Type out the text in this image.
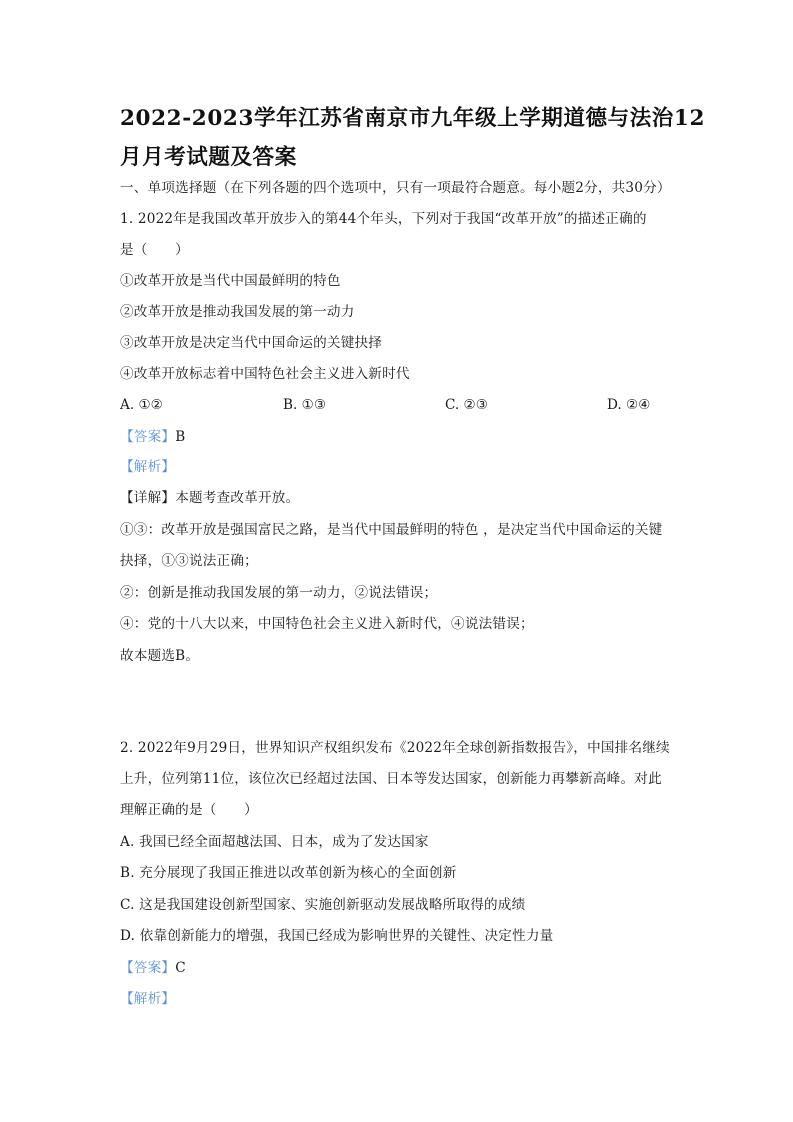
2022-2023学年江苏省南京市九年级上学期道德与法治12
月月考试题及答案
一、单项选择题（在下列各题的四个选项中，只有一项最符合题意。每小题2分，共30分）
1. 2022年是我国改革开放步入的第44个年头，下列对于我国“改革开放”的描述正确的
是（　　）
①改革开放是当代中国最鲜明的特色
②改革开放是推动我国发展的第一动力
③改革开放是决定当代中国命运的关键抉择
④改革开放标志着中国特色社会主义进入新时代
A. ①②	B. ①③	C. ②③	D. ②④
【答案】B
【解析】
【详解】本题考查改革开放。
①③：改革开放是强国富民之路，是当代中国最鲜明的特色 ，是决定当代中国命运的关键
抉择，①③说法正确；
②：创新是推动我国发展的第一动力，②说法错误；
④：党的十八大以来，中国特色社会主义进入新时代，④说法错误；
故本题选B。
2. 2022年9月29日，世界知识产权组织发布《2022年全球创新指数报告》，中国排名继续
上升，位列第11位，该位次已经超过法国、日本等发达国家，创新能力再攀新高峰。对此
理解正确的是（　　）
A. 我国已经全面超越法国、日本，成为了发达国家
B. 充分展现了我国正推进以改革创新为核心的全面创新
C. 这是我国建设创新型国家、实施创新驱动发展战略所取得的成绩
D. 依靠创新能力的增强，我国已经成为影响世界的关键性、决定性力量
【答案】C
【解析】
